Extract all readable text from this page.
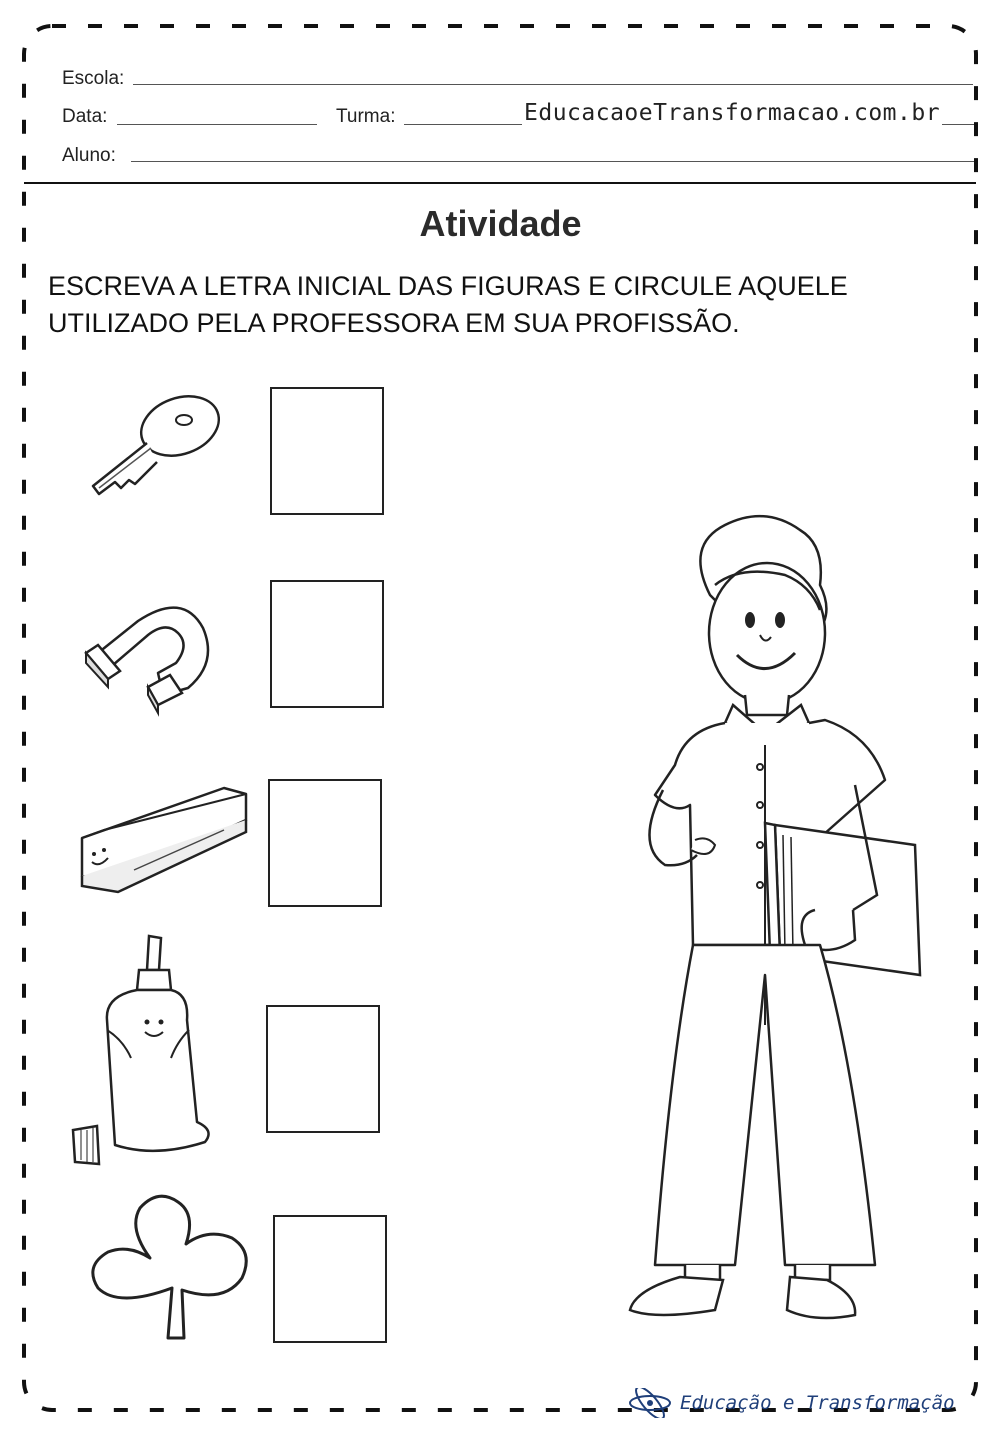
Escola:
Data:	Turma:	EducacaoeTransformacao.com.br
Aluno:
Atividade
ESCREVA A LETRA INICIAL DAS FIGURAS E CIRCULE AQUELE
UTILIZADO PELA PROFESSORA EM SUA PROFISSÃO.
Educação e Transformação
